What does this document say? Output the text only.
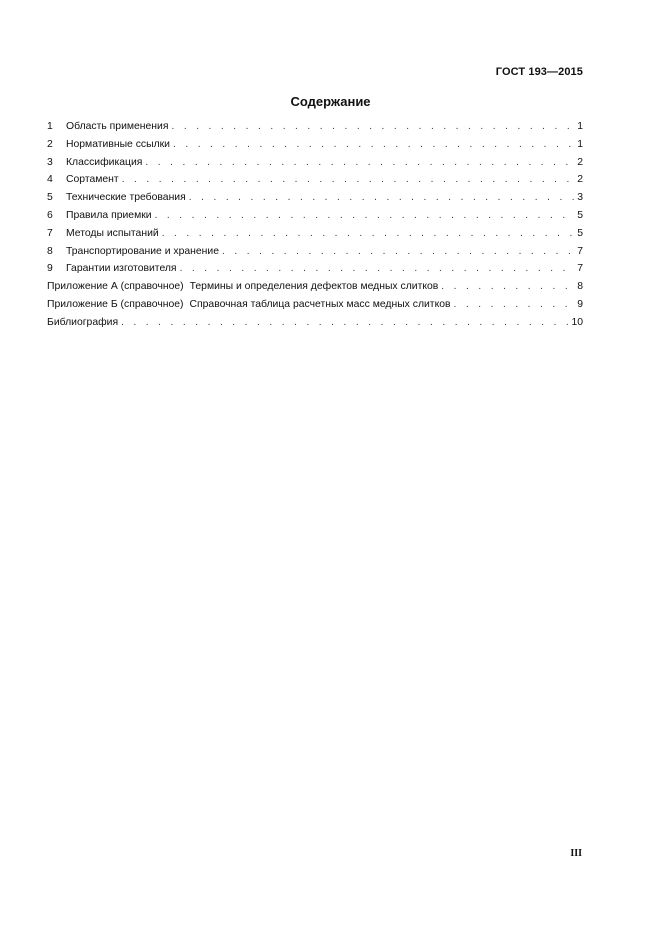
ГОСТ 193—2015
Содержание
1 Область применения . . .	1
2 Нормативные ссылки . . .	1
3 Классификация . . .	2
4 Сортамент . . .	2
5 Технические требования . . .	3
6 Правила приемки . . .	5
7 Методы испытаний . . .	5
8 Транспортирование и хранение . . .	7
9 Гарантии изготовителя . . .	7
Приложение А (справочное) Термины и определения дефектов медных слитков . . .	8
Приложение Б (справочное) Справочная таблица расчетных масс медных слитков . . .	9
Библиография . . .	10
III
